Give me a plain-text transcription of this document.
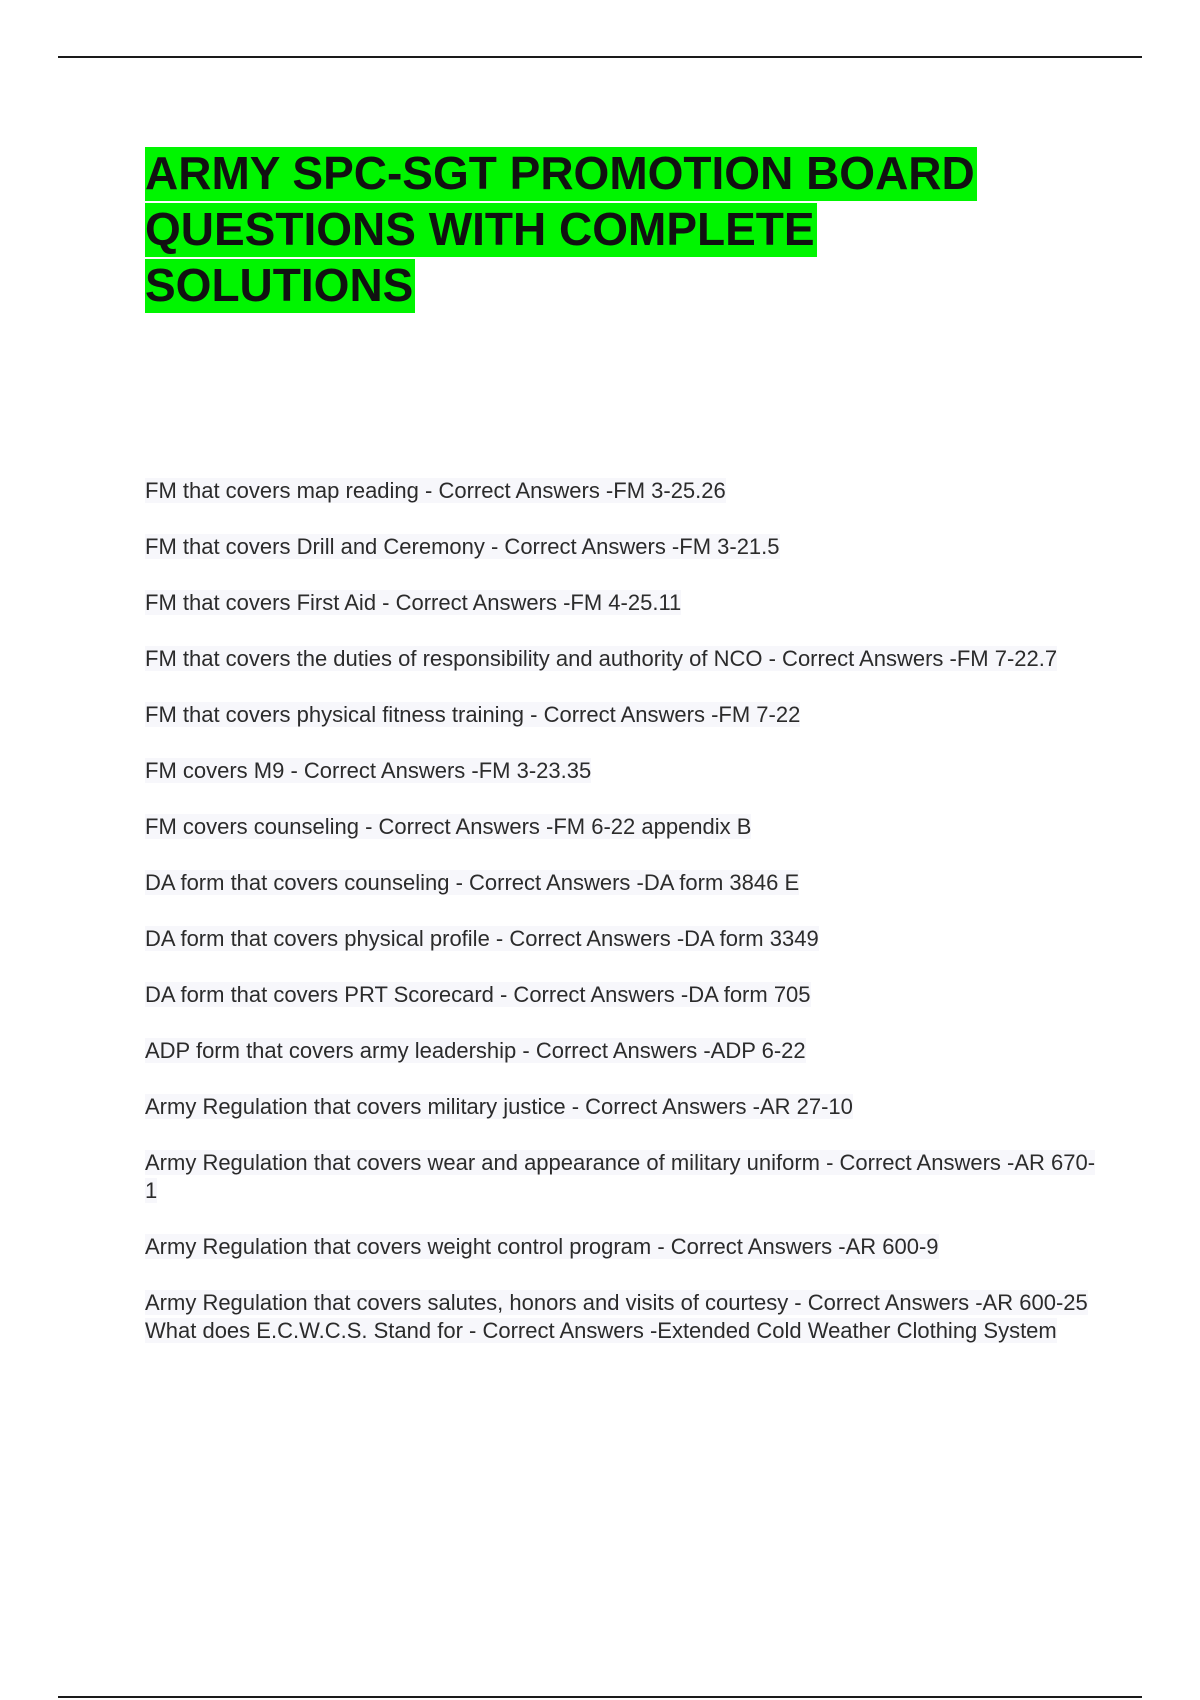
ARMY SPC-SGT PROMOTION BOARD
QUESTIONS WITH COMPLETE
SOLUTIONS
FM that covers map reading - Correct Answers -FM 3-25.26
FM that covers Drill and Ceremony - Correct Answers -FM 3-21.5
FM that covers First Aid - Correct Answers -FM 4-25.11
FM that covers the duties of responsibility and authority of NCO - Correct Answers -FM 7-22.7
FM that covers physical fitness training - Correct Answers -FM 7-22
FM covers M9 - Correct Answers -FM 3-23.35
FM covers counseling - Correct Answers -FM 6-22 appendix B
DA form that covers counseling - Correct Answers -DA form 3846 E
DA form that covers physical profile - Correct Answers -DA form 3349
DA form that covers PRT Scorecard - Correct Answers -DA form 705
ADP form that covers army leadership - Correct Answers -ADP 6-22
Army Regulation that covers military justice - Correct Answers -AR 27-10
Army Regulation that covers wear and appearance of military uniform - Correct Answers -AR 670-1
Army Regulation that covers weight control program - Correct Answers -AR 600-9
Army Regulation that covers salutes, honors and visits of courtesy - Correct Answers -AR 600-25
What does E.C.W.C.S. Stand for - Correct Answers -Extended Cold Weather Clothing System
